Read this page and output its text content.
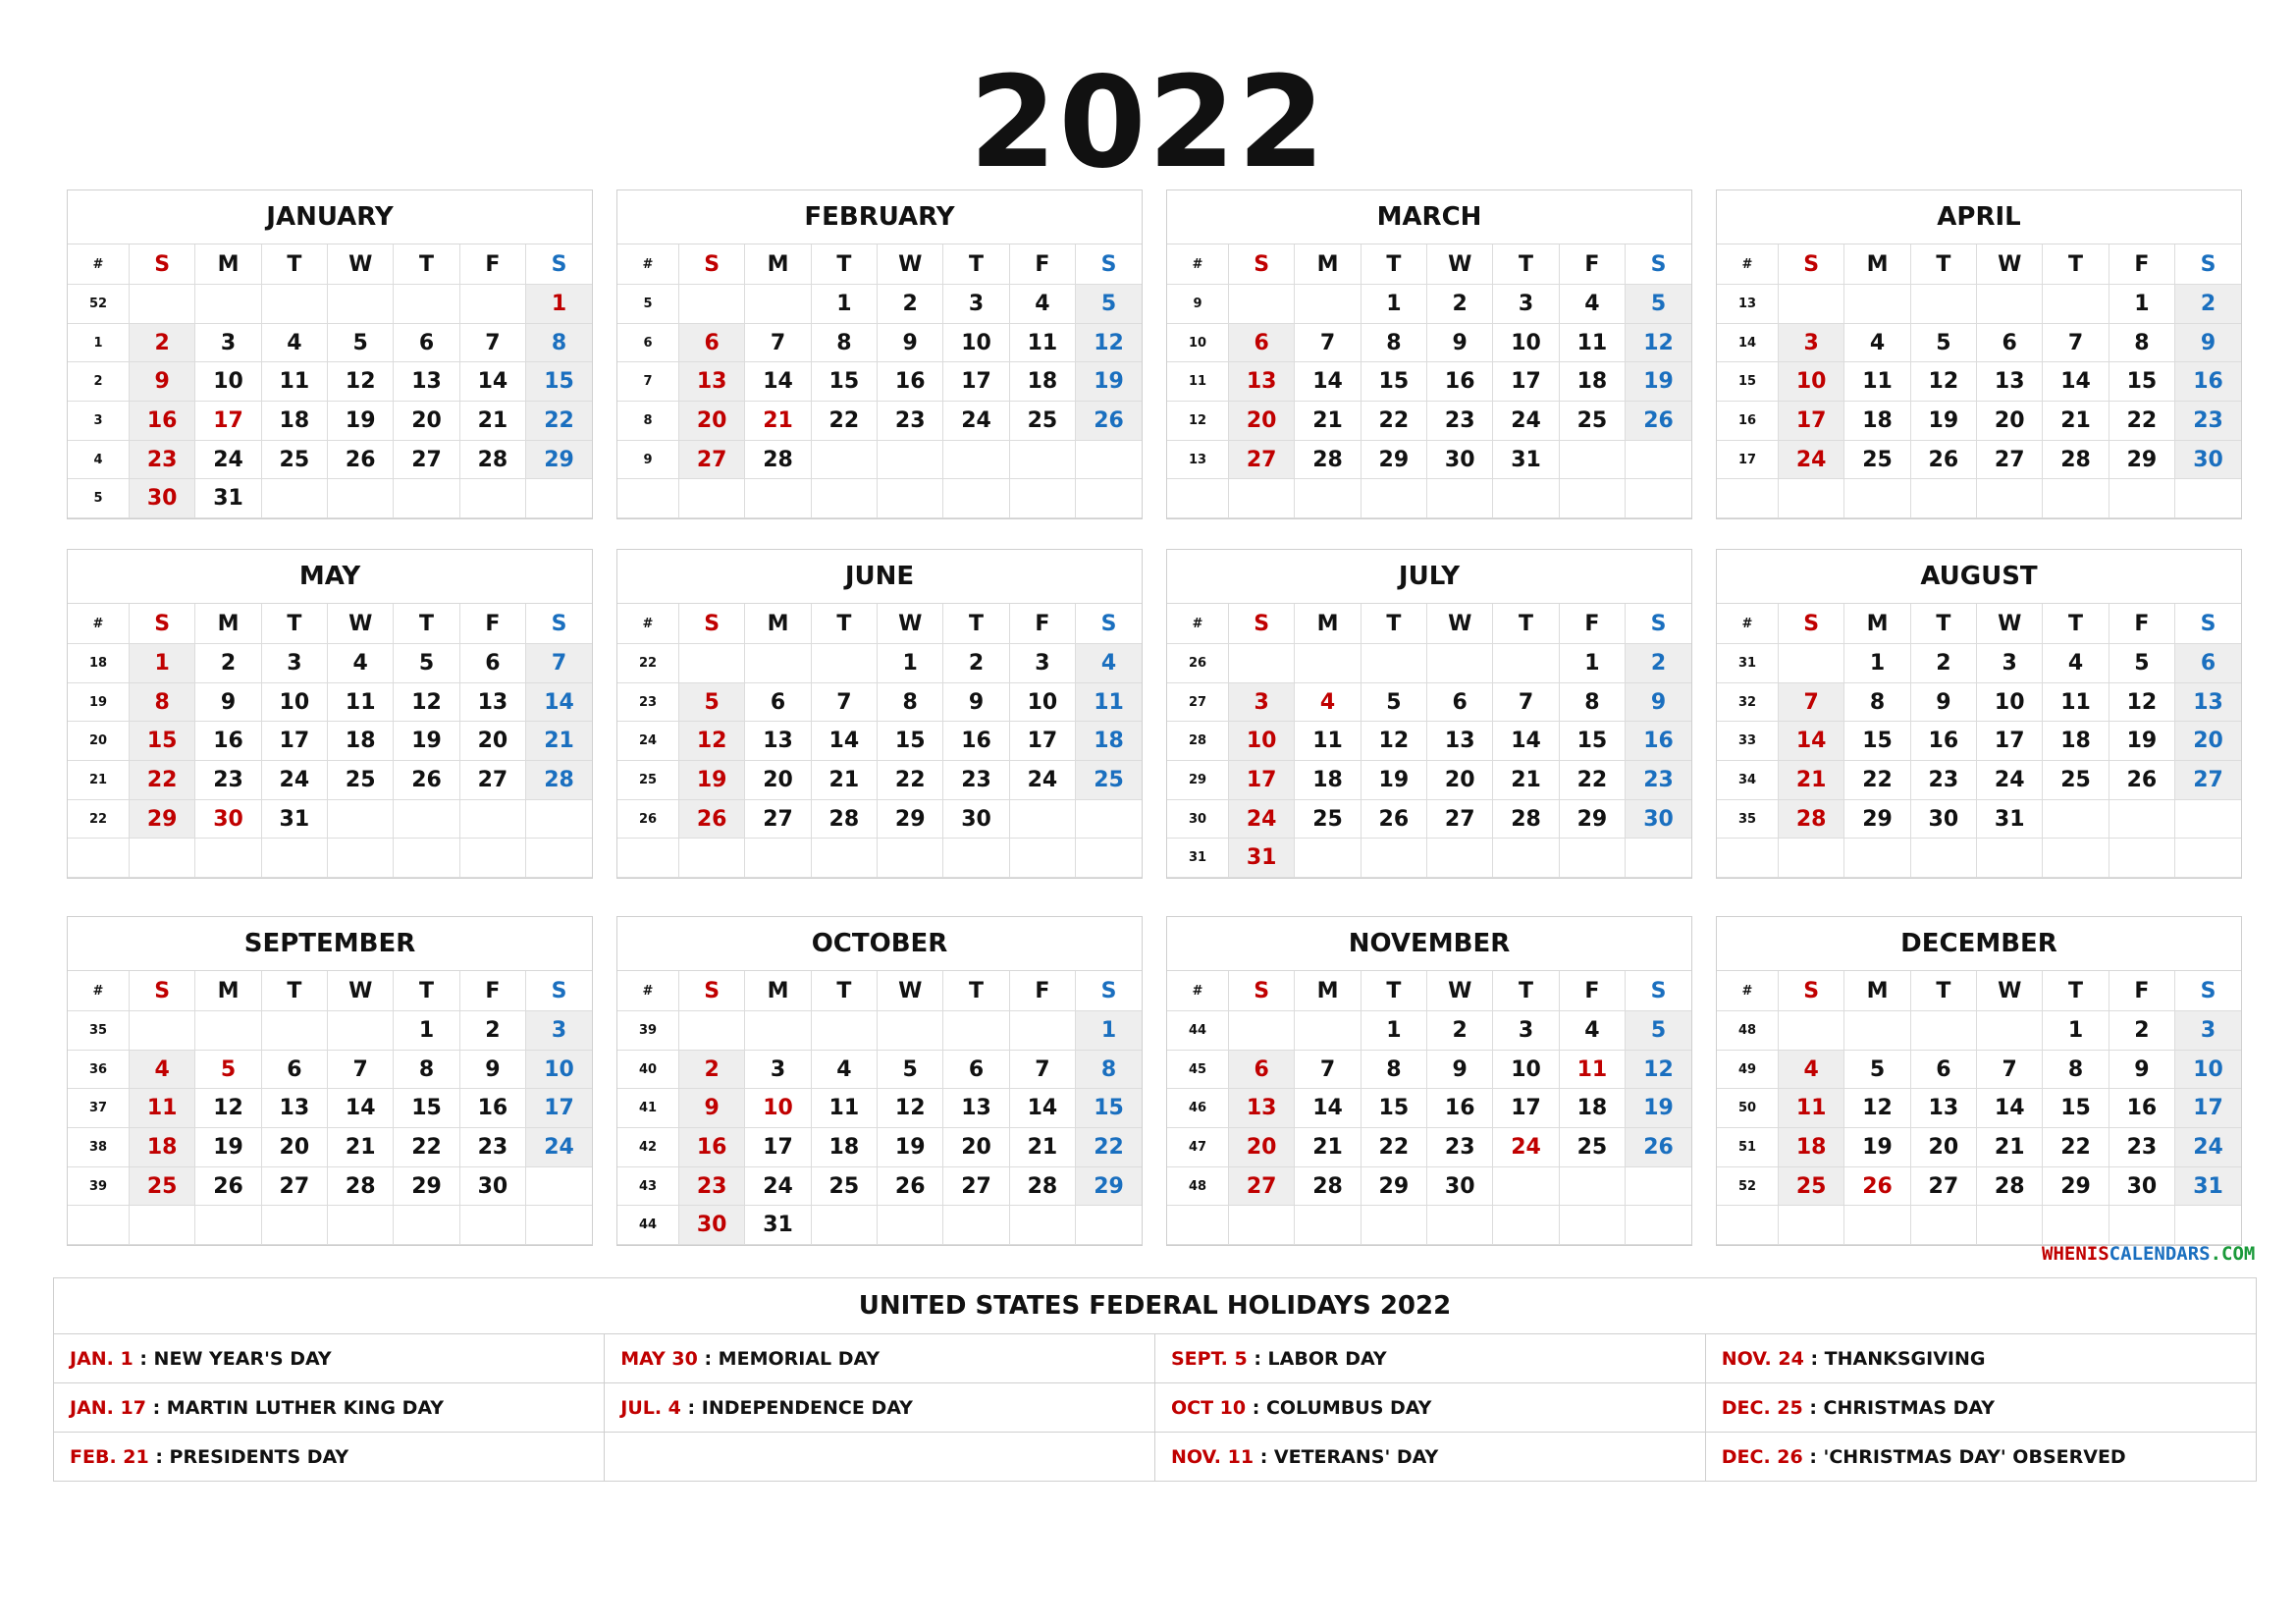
2022
JANUARY
#	S	M	T	W	T	F	S
52							1
1	2	3	4	5	6	7	8
2	9	10	11	12	13	14	15
3	16	17	18	19	20	21	22
4	23	24	25	26	27	28	29
5	30	31					
FEBRUARY
#	S	M	T	W	T	F	S
5			1	2	3	4	5
6	6	7	8	9	10	11	12
7	13	14	15	16	17	18	19
8	20	21	22	23	24	25	26
9	27	28					

MARCH
#	S	M	T	W	T	F	S
9			1	2	3	4	5
10	6	7	8	9	10	11	12
11	13	14	15	16	17	18	19
12	20	21	22	23	24	25	26
13	27	28	29	30	31		

APRIL
#	S	M	T	W	T	F	S
13						1	2
14	3	4	5	6	7	8	9
15	10	11	12	13	14	15	16
16	17	18	19	20	21	22	23
17	24	25	26	27	28	29	30

MAY
#	S	M	T	W	T	F	S
18	1	2	3	4	5	6	7
19	8	9	10	11	12	13	14
20	15	16	17	18	19	20	21
21	22	23	24	25	26	27	28
22	29	30	31				

JUNE
#	S	M	T	W	T	F	S
22				1	2	3	4
23	5	6	7	8	9	10	11
24	12	13	14	15	16	17	18
25	19	20	21	22	23	24	25
26	26	27	28	29	30		

JULY
#	S	M	T	W	T	F	S
26						1	2
27	3	4	5	6	7	8	9
28	10	11	12	13	14	15	16
29	17	18	19	20	21	22	23
30	24	25	26	27	28	29	30
31	31						
AUGUST
#	S	M	T	W	T	F	S
31		1	2	3	4	5	6
32	7	8	9	10	11	12	13
33	14	15	16	17	18	19	20
34	21	22	23	24	25	26	27
35	28	29	30	31			

SEPTEMBER
#	S	M	T	W	T	F	S
35					1	2	3
36	4	5	6	7	8	9	10
37	11	12	13	14	15	16	17
38	18	19	20	21	22	23	24
39	25	26	27	28	29	30	

OCTOBER
#	S	M	T	W	T	F	S
39							1
40	2	3	4	5	6	7	8
41	9	10	11	12	13	14	15
42	16	17	18	19	20	21	22
43	23	24	25	26	27	28	29
44	30	31					
NOVEMBER
#	S	M	T	W	T	F	S
44			1	2	3	4	5
45	6	7	8	9	10	11	12
46	13	14	15	16	17	18	19
47	20	21	22	23	24	25	26
48	27	28	29	30			

DECEMBER
#	S	M	T	W	T	F	S
48					1	2	3
49	4	5	6	7	8	9	10
50	11	12	13	14	15	16	17
51	18	19	20	21	22	23	24
52	25	26	27	28	29	30	31

WHENISCALENDARS.COM
UNITED STATES FEDERAL HOLIDAYS 2022
JAN. 1 : NEW YEAR'S DAY	MAY 30 : MEMORIAL DAY	SEPT. 5 : LABOR DAY	NOV. 24 : THANKSGIVING
JAN. 17 : MARTIN LUTHER KING DAY	JUL. 4 : INDEPENDENCE DAY	OCT 10 : COLUMBUS DAY	DEC. 25 : CHRISTMAS DAY
FEB. 21 : PRESIDENTS DAY		NOV. 11 : VETERANS' DAY	DEC. 26 : 'CHRISTMAS DAY' OBSERVED
